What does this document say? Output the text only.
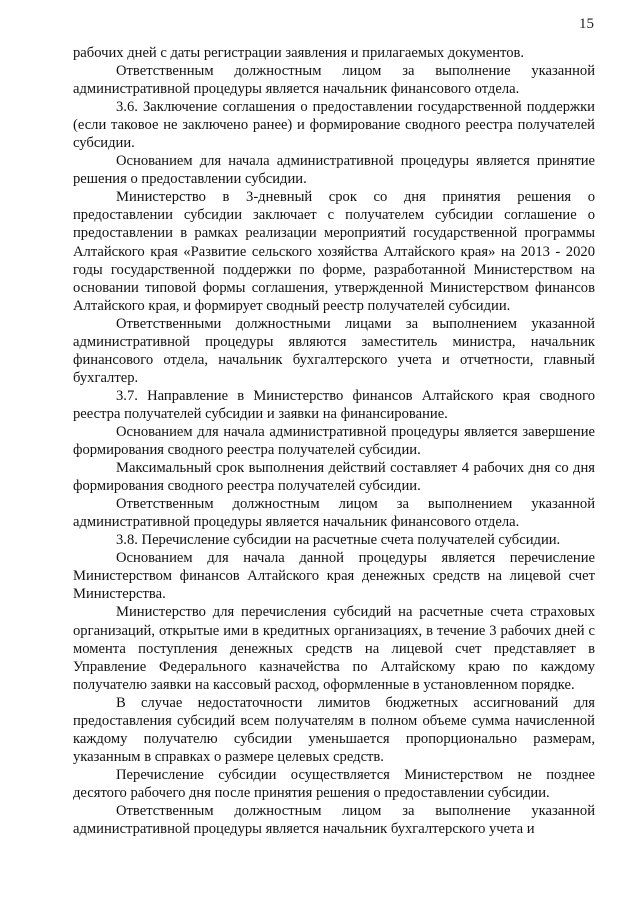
15

рабочих дней с даты регистрации заявления и прилагаемых документов.

Ответственным должностным лицом за выполнение указанной административной процедуры является начальник финансового отдела.

3.6. Заключение соглашения о предоставлении государственной поддержки (если таковое не заключено ранее) и формирование сводного реестра получателей субсидии.

Основанием для начала административной процедуры является принятие решения о предоставлении субсидии.

Министерство в 3-дневный срок со дня принятия решения о предоставлении субсидии заключает с получателем субсидии соглашение о предоставлении в рамках реализации мероприятий государственной программы Алтайского края «Развитие сельского хозяйства Алтайского края» на 2013 - 2020 годы государственной поддержки по форме, разработанной Министерством на основании типовой формы соглашения, утвержденной Министерством финансов Алтайского края, и формирует сводный реестр получателей субсидии.

Ответственными должностными лицами за выполнением указанной административной процедуры являются заместитель министра, начальник финансового отдела, начальник бухгалтерского учета и отчетности, главный бухгалтер.

3.7. Направление в Министерство финансов Алтайского края сводного реестра получателей субсидии и заявки на финансирование.

Основанием для начала административной процедуры является завершение формирования сводного реестра получателей субсидии.

Максимальный срок выполнения действий составляет 4 рабочих дня со дня формирования сводного реестра получателей субсидии.

Ответственным должностным лицом за выполнением указанной административной процедуры является начальник финансового отдела.

3.8. Перечисление субсидии на расчетные счета получателей субсидии.

Основанием для начала данной процедуры является перечисление Министерством финансов Алтайского края денежных средств на лицевой счет Министерства.

Министерство для перечисления субсидий на расчетные счета страховых организаций, открытые ими в кредитных организациях, в течение 3 рабочих дней с момента поступления денежных средств на лицевой счет представляет в Управление Федерального казначейства по Алтайскому краю по каждому получателю заявки на кассовый расход, оформленные в установленном порядке.

В случае недостаточности лимитов бюджетных ассигнований для предоставления субсидий всем получателям в полном объеме сумма начисленной каждому получателю субсидии уменьшается пропорционально размерам, указанным в справках о размере целевых средств.

Перечисление субсидии осуществляется Министерством не позднее десятого рабочего дня после принятия решения о предоставлении субсидии.

Ответственным должностным лицом за выполнение указанной административной процедуры является начальник бухгалтерского учета и
